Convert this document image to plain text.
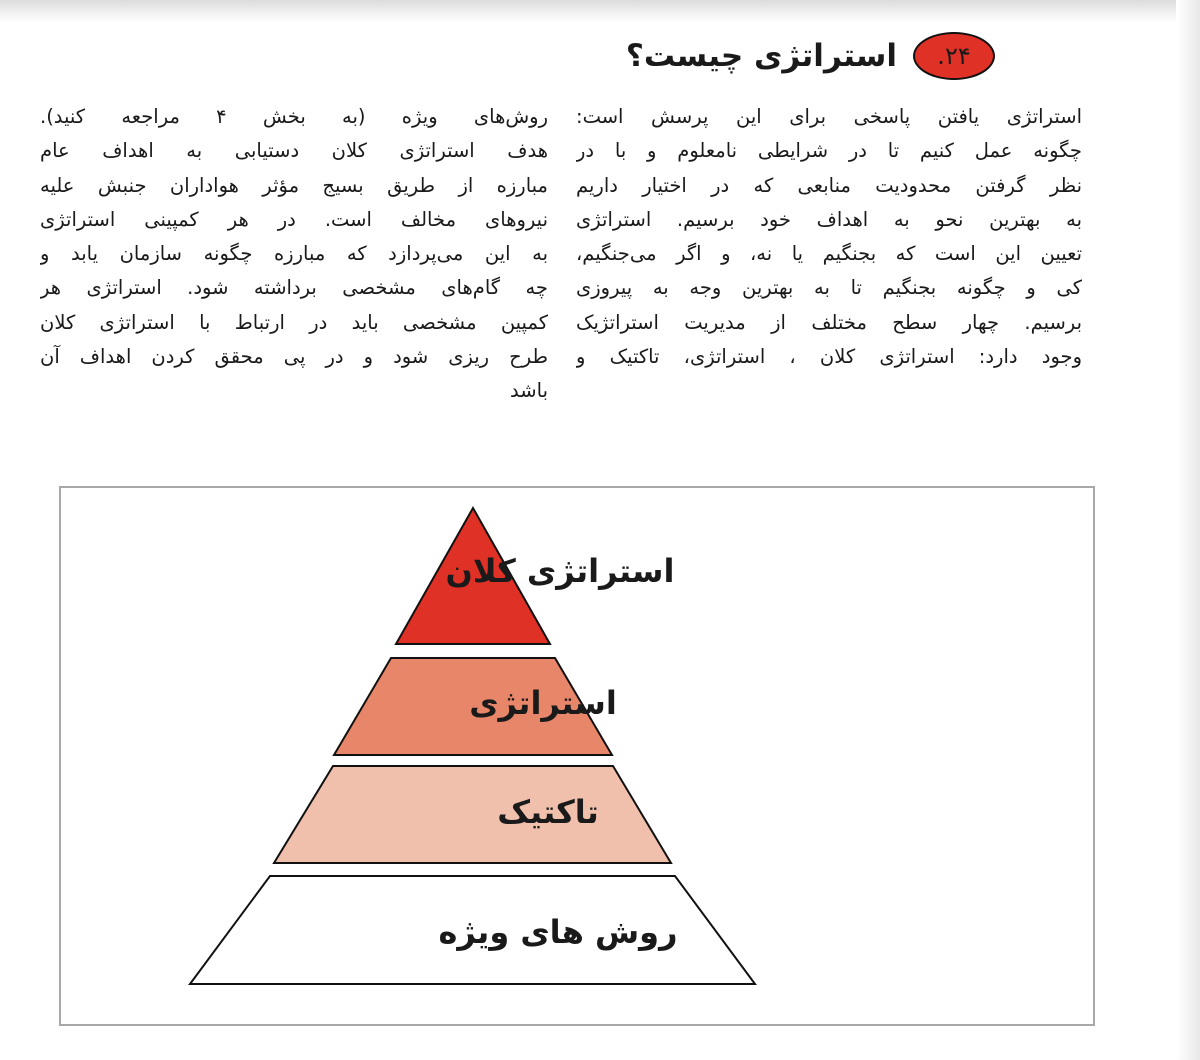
۲۴.
استراتژی چیست؟
استراتژی یافتن پاسخی برای این پرسش است:
چگونه عمل کنیم تا در شرایطی نامعلوم و با در
نظر گرفتن محدودیت منابعی که در اختیار داریم
به بهترین نحو به اهداف خود برسیم. استراتژی
تعیین این است که بجنگیم یا نه، و اگر می‌جنگیم،
کی و چگونه بجنگیم تا به بهترین وجه به پیروزی
برسیم. چهار سطح مختلف از مدیریت استراتژیک
وجود دارد: استراتژی کلان ، استراتژی، تاکتیک و
روش‌های ویژه (به بخش ۴ مراجعه کنید).
هدف استراتژی کلان دستیابی به اهداف عام
مبارزه از طریق بسیج مؤثر هواداران جنبش علیه
نیروهای مخالف است. در هر کمپینی استراتژی
به این می‌پردازد که مبارزه چگونه سازمان یابد و
چه گام‌های مشخصی برداشته شود. استراتژی هر
کمپین مشخصی باید در ارتباط با استراتژی کلان
طرح ریزی شود و در پی محقق کردن اهداف آن
باشد
استراتژی کلان
استراتژی
تاکتیک
روش های ویژه
